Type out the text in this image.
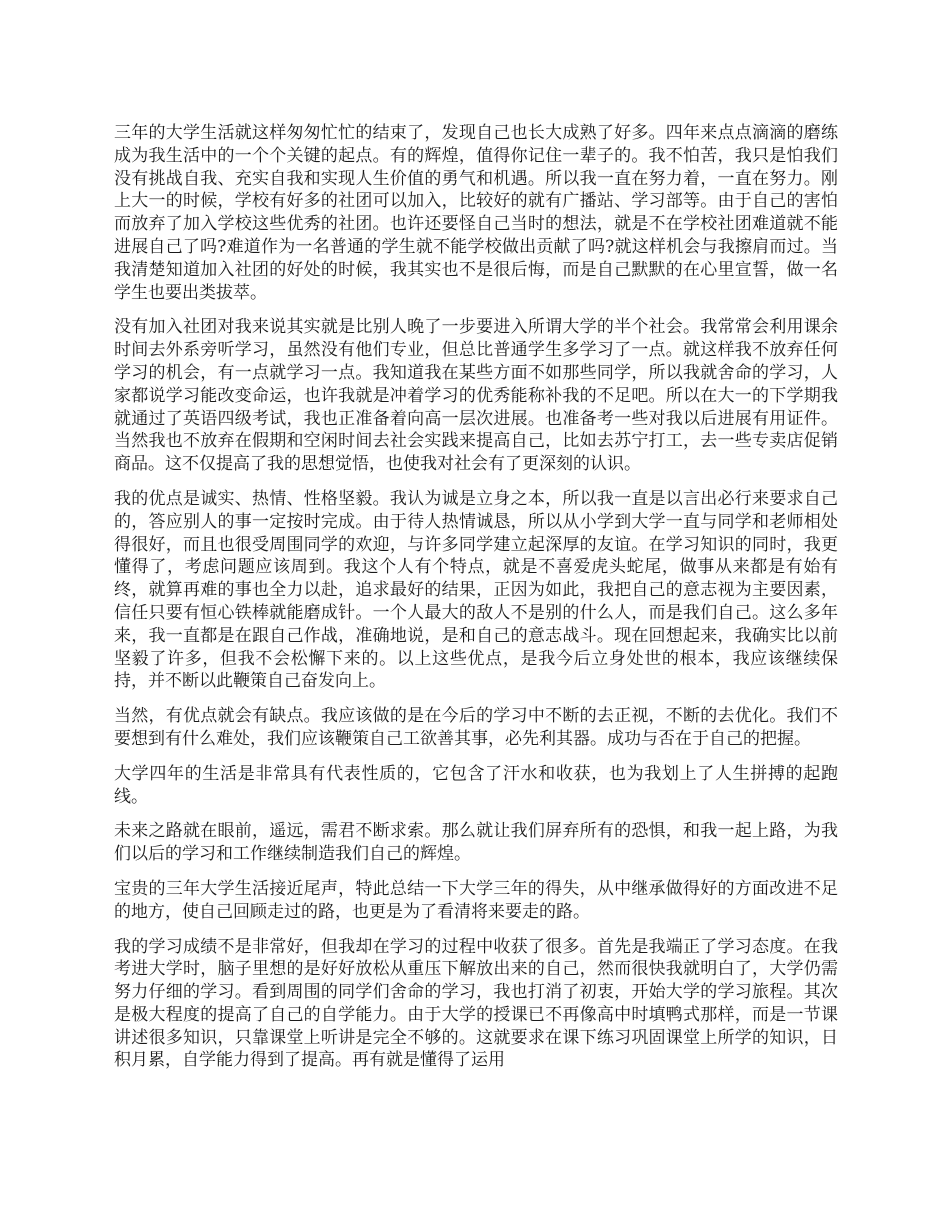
三年的大学生活就这样匆匆忙忙的结束了，发现自己也长大成熟了好多。四年来点点滴滴的磨练成为我生活中的一个个关键的起点。有的辉煌，值得你记住一辈子的。我不怕苦，我只是怕我们没有挑战自我、充实自我和实现人生价值的勇气和机遇。所以我一直在努力着，一直在努力。刚上大一的时候，学校有好多的社团可以加入，比较好的就有广播站、学习部等。由于自己的害怕而放弃了加入学校这些优秀的社团。也许还要怪自己当时的想法，就是不在学校社团难道就不能进展自己了吗?难道作为一名普通的学生就不能学校做出贡献了吗?就这样机会与我擦肩而过。当我清楚知道加入社团的好处的时候，我其实也不是很后悔，而是自己默默的在心里宣誓，做一名学生也要出类拔萃。

没有加入社团对我来说其实就是比别人晚了一步要进入所谓大学的半个社会。我常常会利用课余时间去外系旁听学习，虽然没有他们专业，但总比普通学生多学习了一点。就这样我不放弃任何学习的机会，有一点就学习一点。我知道我在某些方面不如那些同学，所以我就舍命的学习，人家都说学习能改变命运，也许我就是冲着学习的优秀能称补我的不足吧。所以在大一的下学期我就通过了英语四级考试，我也正准备着向高一层次进展。也准备考一些对我以后进展有用证件。当然我也不放弃在假期和空闲时间去社会实践来提高自己，比如去苏宁打工，去一些专卖店促销商品。这不仅提高了我的思想觉悟，也使我对社会有了更深刻的认识。

我的优点是诚实、热情、性格坚毅。我认为诚是立身之本，所以我一直是以言出必行来要求自己的，答应别人的事一定按时完成。由于待人热情诚恳，所以从小学到大学一直与同学和老师相处得很好，而且也很受周围同学的欢迎，与许多同学建立起深厚的友谊。在学习知识的同时，我更懂得了，考虑问题应该周到。我这个人有个特点，就是不喜爱虎头蛇尾，做事从来都是有始有终，就算再难的事也全力以赴，追求最好的结果，正因为如此，我把自己的意志视为主要因素，信任只要有恒心铁棒就能磨成针。一个人最大的敌人不是别的什么人，而是我们自己。这么多年来，我一直都是在跟自己作战，准确地说，是和自己的意志战斗。现在回想起来，我确实比以前坚毅了许多，但我不会松懈下来的。以上这些优点，是我今后立身处世的根本，我应该继续保持，并不断以此鞭策自己奋发向上。

当然，有优点就会有缺点。我应该做的是在今后的学习中不断的去正视，不断的去优化。我们不要想到有什么难处，我们应该鞭策自己工欲善其事，必先利其器。成功与否在于自己的把握。

大学四年的生活是非常具有代表性质的，它包含了汗水和收获，也为我划上了人生拼搏的起跑线。

未来之路就在眼前，遥远，需君不断求索。那么就让我们屏弃所有的恐惧，和我一起上路，为我们以后的学习和工作继续制造我们自己的辉煌。

宝贵的三年大学生活接近尾声，特此总结一下大学三年的得失，从中继承做得好的方面改进不足的地方，使自己回顾走过的路，也更是为了看清将来要走的路。

我的学习成绩不是非常好，但我却在学习的过程中收获了很多。首先是我端正了学习态度。在我考进大学时，脑子里想的是好好放松从重压下解放出来的自己，然而很快我就明白了，大学仍需努力仔细的学习。看到周围的同学们舍命的学习，我也打消了初衷，开始大学的学习旅程。其次是极大程度的提高了自己的自学能力。由于大学的授课已不再像高中时填鸭式那样，而是一节课讲述很多知识，只靠课堂上听讲是完全不够的。这就要求在课下练习巩固课堂上所学的知识，日积月累，自学能力得到了提高。再有就是懂得了运用
